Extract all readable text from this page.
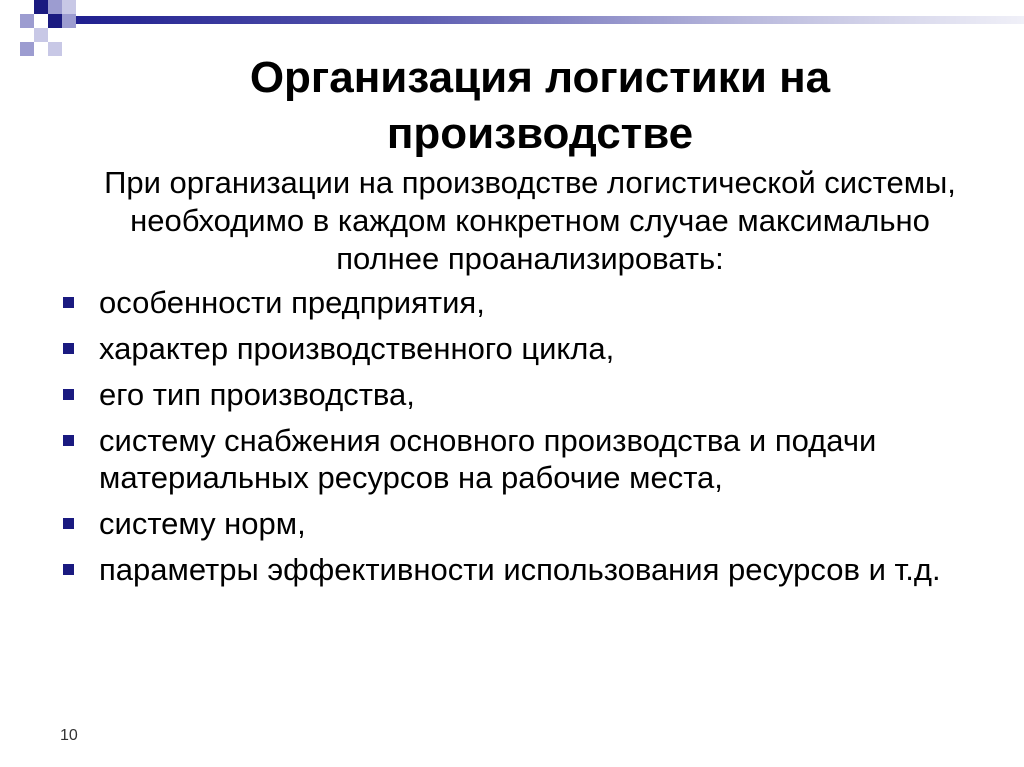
Организация логистики на производстве
При организации на производстве логистической системы, необходимо в каждом конкретном случае максимально полнее проанализировать:
особенности предприятия,
характер производственного цикла,
его тип производства,
систему снабжения основного производства и подачи материальных ресурсов на рабочие места,
систему норм,
параметры эффективности использования ресурсов и т.д.
10
